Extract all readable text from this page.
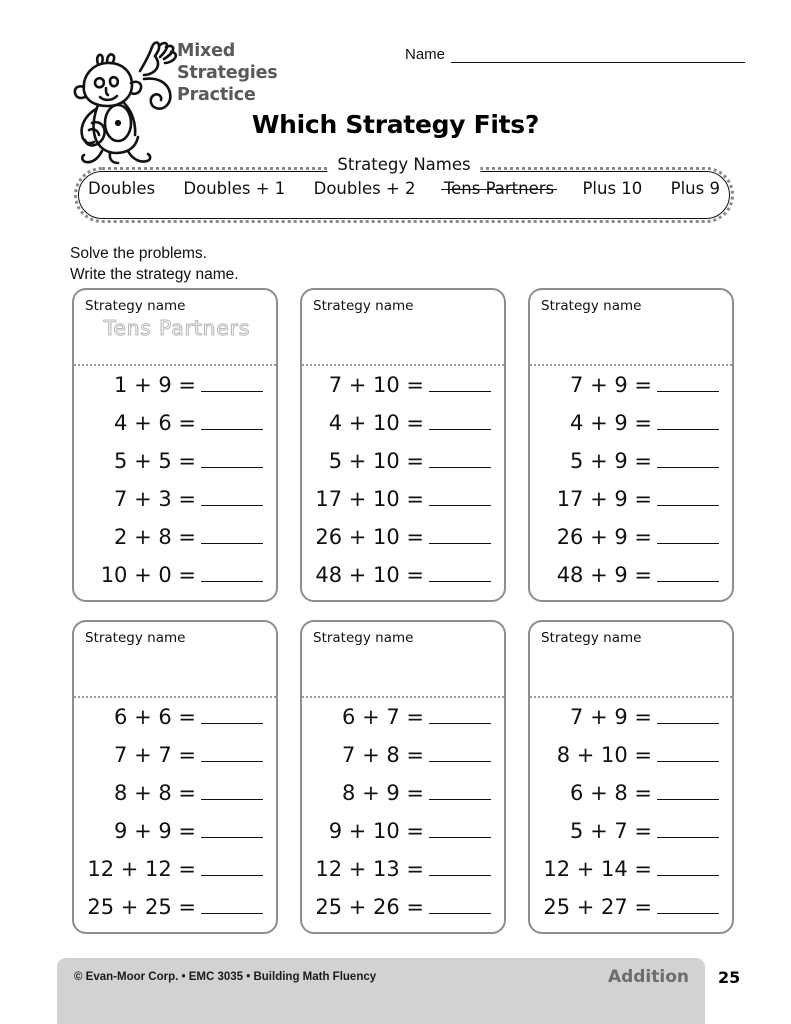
Mixed
Strategies
Practice
Name
Which Strategy Fits?
Strategy Names
Doubles Doubles + 1 Doubles + 2 Tens Partners Plus 10 Plus 9
Solve the problems.
Write the strategy name.
Strategy name
Tens Partners
1 + 9 =
4 + 6 =
5 + 5 =
7 + 3 =
2 + 8 =
10 + 0 =
Strategy name
7 + 10 =
4 + 10 =
5 + 10 =
17 + 10 =
26 + 10 =
48 + 10 =
Strategy name
7 + 9 =
4 + 9 =
5 + 9 =
17 + 9 =
26 + 9 =
48 + 9 =
Strategy name
6 + 6 =
7 + 7 =
8 + 8 =
9 + 9 =
12 + 12 =
25 + 25 =
Strategy name
6 + 7 =
7 + 8 =
8 + 9 =
9 + 10 =
12 + 13 =
25 + 26 =
Strategy name
7 + 9 =
8 + 10 =
6 + 8 =
5 + 7 =
12 + 14 =
25 + 27 =
© Evan-Moor Corp. • EMC 3035 • Building Math Fluency	Addition 25
